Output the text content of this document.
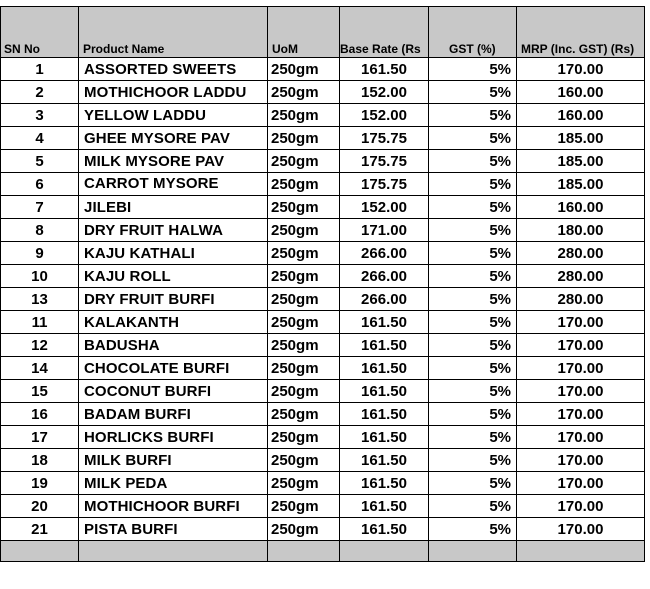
SN No	Product Name	UoM	Base Rate (Rs	GST (%)	MRP (Inc. GST) (Rs)
1	ASSORTED SWEETS	250gm	161.50	5%	170.00
2	MOTHICHOOR LADDU	250gm	152.00	5%	160.00
3	YELLOW LADDU	250gm	152.00	5%	160.00
4	GHEE MYSORE PAV	250gm	175.75	5%	185.00
5	MILK MYSORE PAV	250gm	175.75	5%	185.00
6	CARROT MYSORE	250gm	175.75	5%	185.00
7	JILEBI	250gm	152.00	5%	160.00
8	DRY FRUIT HALWA	250gm	171.00	5%	180.00
9	KAJU KATHALI	250gm	266.00	5%	280.00
10	KAJU ROLL	250gm	266.00	5%	280.00
13	DRY FRUIT BURFI	250gm	266.00	5%	280.00
11	KALAKANTH	250gm	161.50	5%	170.00
12	BADUSHA	250gm	161.50	5%	170.00
14	CHOCOLATE BURFI	250gm	161.50	5%	170.00
15	COCONUT BURFI	250gm	161.50	5%	170.00
16	BADAM BURFI	250gm	161.50	5%	170.00
17	HORLICKS BURFI	250gm	161.50	5%	170.00
18	MILK BURFI	250gm	161.50	5%	170.00
19	MILK PEDA	250gm	161.50	5%	170.00
20	MOTHICHOOR BURFI	250gm	161.50	5%	170.00
21	PISTA BURFI	250gm	161.50	5%	170.00
